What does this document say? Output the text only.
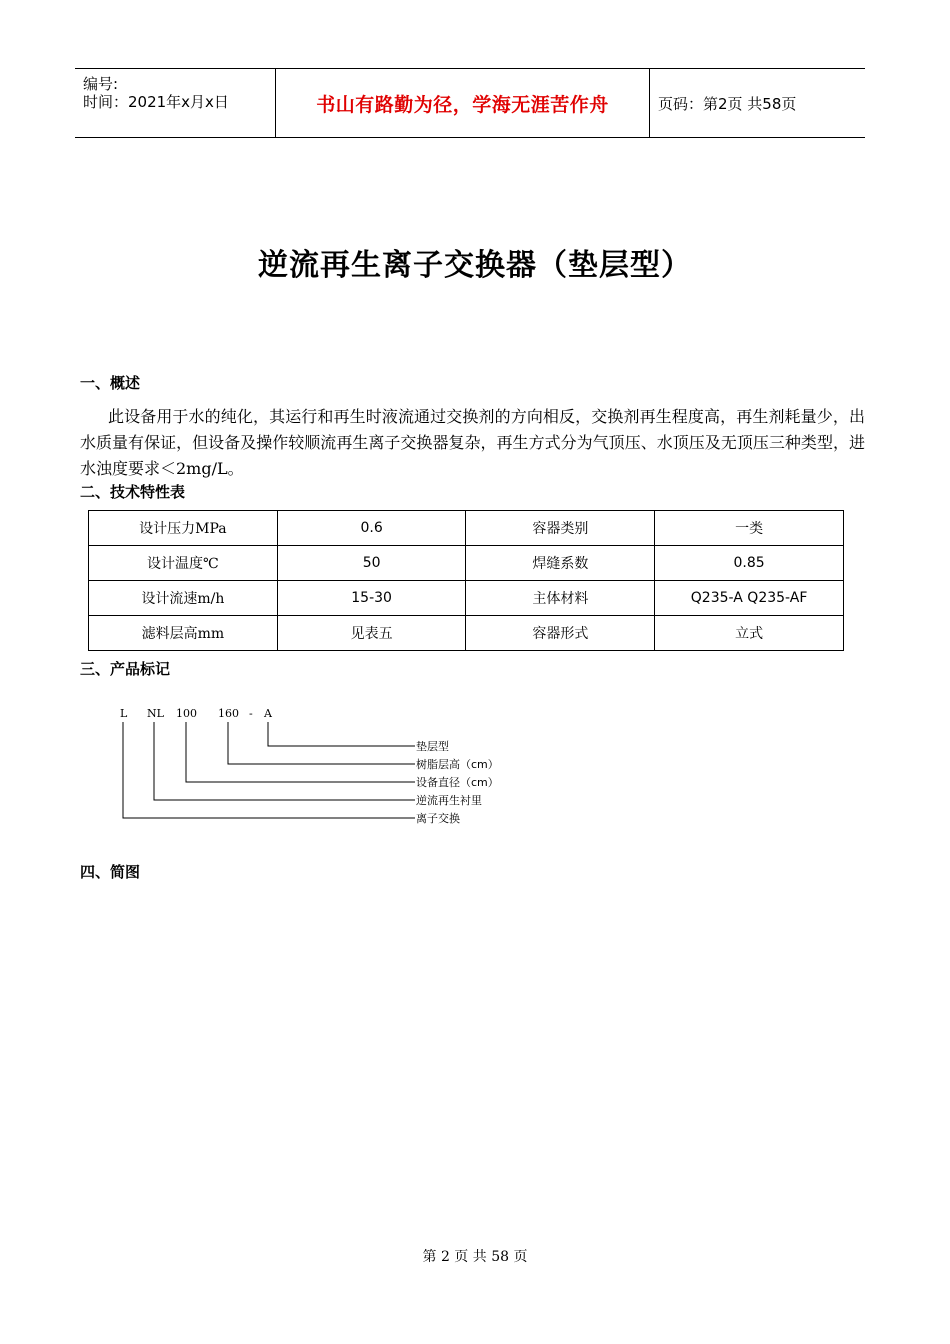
编号:
时间：2021年x月x日	书山有路勤为径，学海无涯苦作舟	页码：第2页 共58页
逆流再生离子交换器（垫层型）
一、概述
此设备用于水的纯化，其运行和再生时液流通过交换剂的方向相反，交换剂再生程度高，再生剂耗量少，出水质量有保证，但设备及操作较顺流再生离子交换器复杂，再生方式分为气顶压、水顶压及无顶压三种类型，进水浊度要求＜2mg/L。
二、技术特性表
设计压力MPa	0.6	容器类别	一类
设计温度℃	50	焊缝系数	0.85
设计流速m/h	15-30	主体材料	Q235-A Q235-AF
滤料层高mm	见表五	容器形式	立式
三、产品标记
L NL 100 160 - A
垫层型
树脂层高（cm）
设备直径（cm）
逆流再生衬里
离子交换
四、简图
第 2 页 共 58 页
